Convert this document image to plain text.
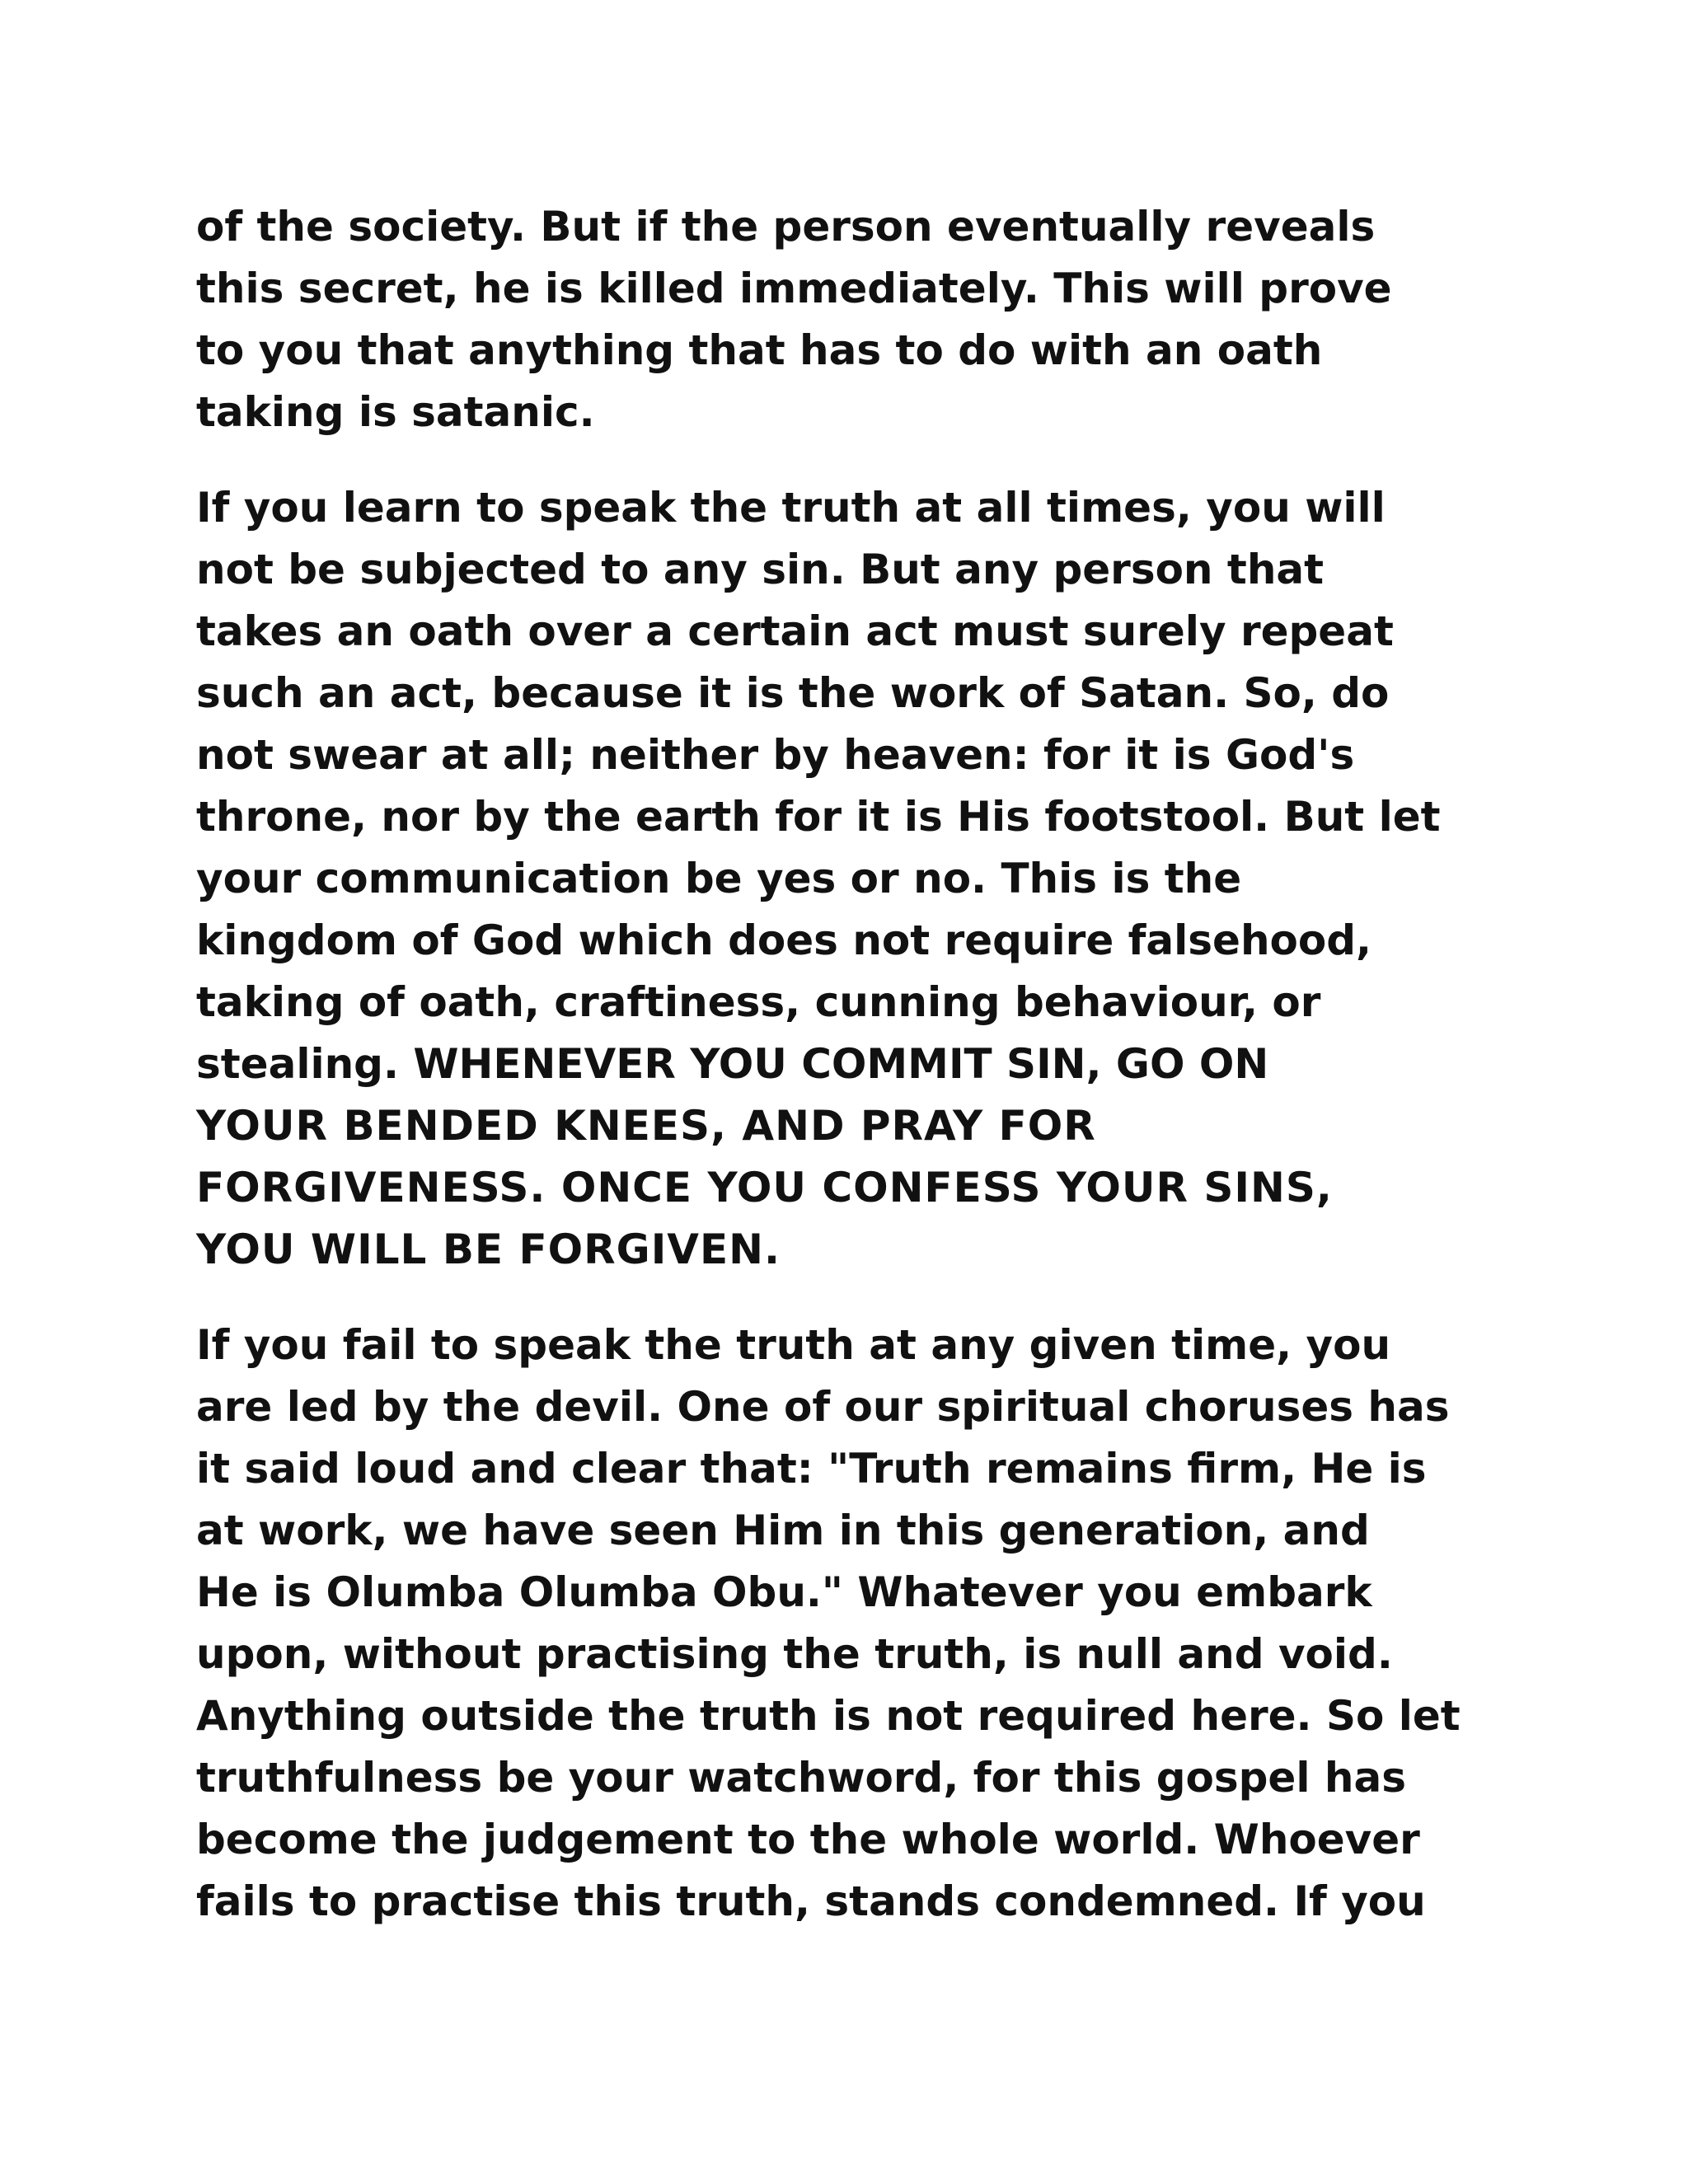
of the society. But if the person eventually reveals
this secret, he is killed immediately. This will prove
to you that anything that has to do with an oath
taking is satanic.
If you learn to speak the truth at all times, you will
not be subjected to any sin. But any person that
takes an oath over a certain act must surely repeat
such an act, because it is the work of Satan. So, do
not swear at all; neither by heaven: for it is God's
throne, nor by the earth for it is His footstool. But let
your communication be yes or no. This is the
kingdom of God which does not require falsehood,
taking of oath, craftiness, cunning behaviour, or
stealing. WHENEVER YOU COMMIT SIN, GO ON
YOUR BENDED KNEES, AND PRAY FOR
FORGIVENESS. ONCE YOU CONFESS YOUR SINS,
YOU WILL BE FORGIVEN.
If you fail to speak the truth at any given time, you
are led by the devil. One of our spiritual choruses has
it said loud and clear that: "Truth remains firm, He is
at work, we have seen Him in this generation, and
He is Olumba Olumba Obu." Whatever you embark
upon, without practising the truth, is null and void.
Anything outside the truth is not required here. So let
truthfulness be your watchword, for this gospel has
become the judgement to the whole world. Whoever
fails to practise this truth, stands condemned. If you
